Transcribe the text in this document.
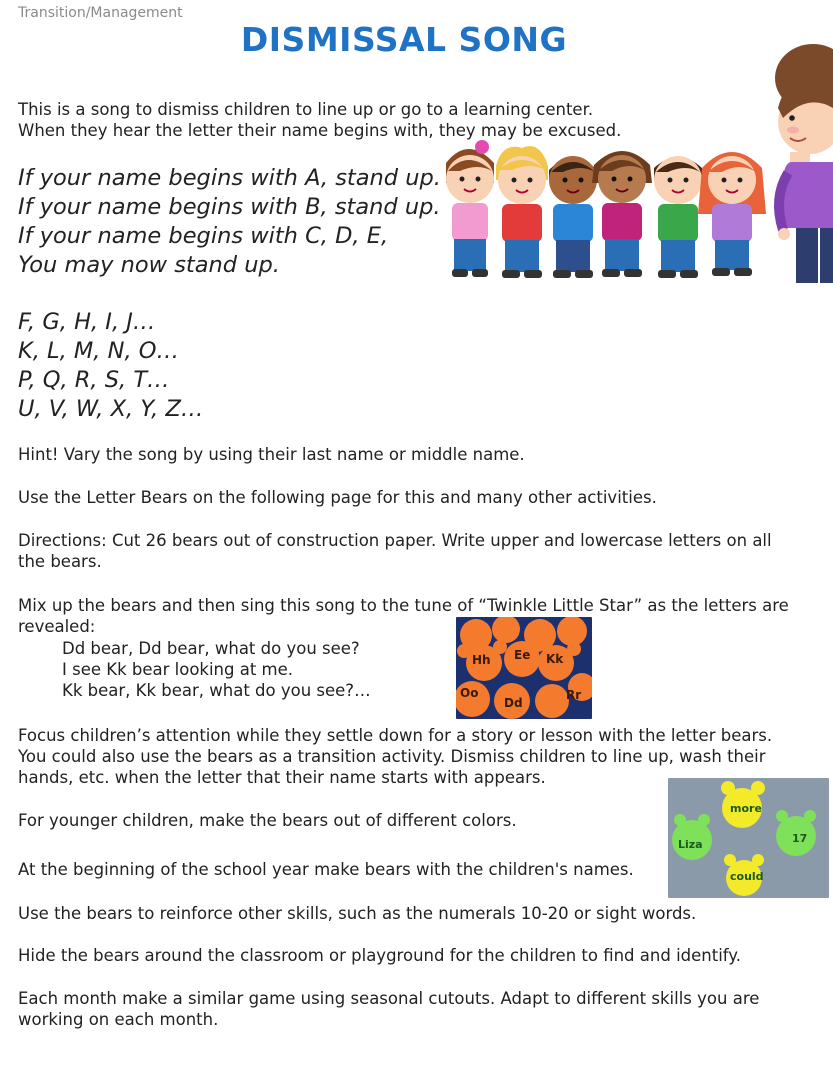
Transition/Management
DISMISSAL SONG
This is a song to dismiss children to line up or go to a learning center.
When they hear the letter their name begins with, they may be excused.
If your name begins with A, stand up.
If your name begins with B, stand up.
If your name begins with C, D, E,
You may now stand up.
F, G, H, I, J…
K, L, M, N, O…
P, Q, R, S, T…
U, V, W, X, Y, Z…
Hint! Vary the song by using their last name or middle name.
Use the Letter Bears on the following page for this and many other activities.
Directions: Cut 26 bears out of construction paper. Write upper and lowercase letters on all
the bears.
Mix up the bears and then sing this song to the tune of “Twinkle Little Star” as the letters are
revealed:
Dd bear, Dd bear, what do you see?
I see Kk bear looking at me.
Kk bear, Kk bear, what do you see?…
Hh Ee Kk
Oo
Dd
Rr
Focus children’s attention while they settle down for a story or lesson with the letter bears.
You could also use the bears as a transition activity. Dismiss children to line up, wash their
hands, etc. when the letter that their name starts with appears.
For younger children, make the bears out of different colors.
At the beginning of the school year make bears with the children's names.
more
Liza	17
could
Use the bears to reinforce other skills, such as the numerals 10-20 or sight words.
Hide the bears around the classroom or playground for the children to find and identify.
Each month make a similar game using seasonal cutouts. Adapt to different skills you are
working on each month.
